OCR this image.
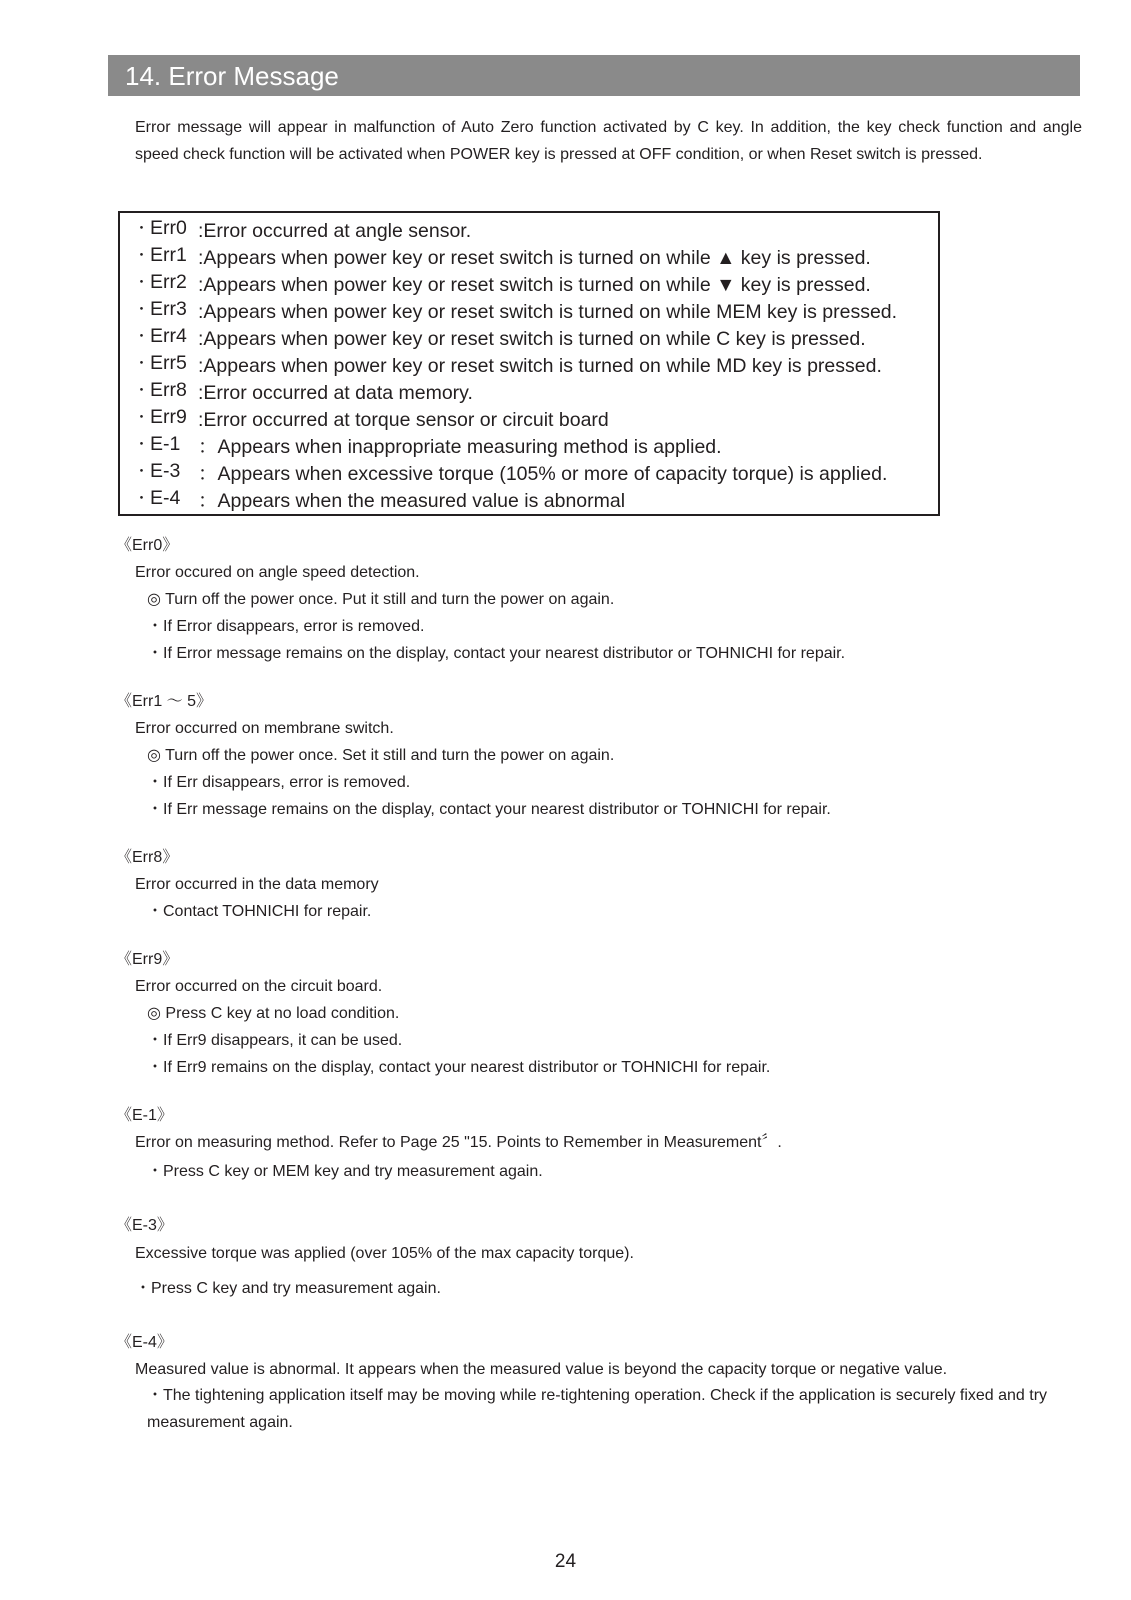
14. Error Message
Error message will appear in malfunction of Auto Zero function activated by C key. In addition, the key check function and angle speed check function will be activated when POWER key is pressed at OFF condition, or when Reset switch is pressed.
・ Err0 :Error occurred at angle sensor.
・ Err1 :Appears when power key or reset switch is turned on while ▲ key is pressed.
・ Err2 :Appears when power key or reset switch is turned on while ▼ key is pressed.
・ Err3 :Appears when power key or reset switch is turned on while MEM key is pressed.
・ Err4 :Appears when power key or reset switch is turned on while C key is pressed.
・ Err5 :Appears when power key or reset switch is turned on while MD key is pressed.
・ Err8 :Error occurred at data memory.
・ Err9 :Error occurred at torque sensor or circuit board
・ E-1 ：Appears when inappropriate measuring method is applied.
・ E-3 ：Appears when excessive torque (105% or more of capacity torque) is applied.
・ E-4 ：Appears when the measured value is abnormal
《Err0》
Error occured on angle speed detection.
◎ Turn off the power once. Put it still and turn the power on again.
・If Error disappears, error is removed.
・If Error message remains on the display, contact your nearest distributor or TOHNICHI for repair.
《Err1 ～ 5》
Error occurred on membrane switch.
◎ Turn off the power once. Set it still and turn the power on again.
・If Err disappears, error is removed.
・If Err message remains on the display, contact your nearest distributor or TOHNICHI for repair.
《Err8》
Error occurred in the data memory
・Contact TOHNICHI for repair.
《Err9》
Error occurred on the circuit board.
◎ Press C key at no load condition.
・If Err9 disappears, it can be used.
・If Err9 remains on the display, contact your nearest distributor or TOHNICHI for repair.
《E-1》
Error on measuring method. Refer to Page 25 "15. Points to Remember in Measurement〞.
・Press C key or MEM key and try measurement again.
《E-3》
Excessive torque was applied (over 105% of the max capacity torque).
・Press C key and try measurement again.
《E-4》
Measured value is abnormal. It appears when the measured value is beyond the capacity torque or negative value.
・The tightening application itself may be moving while re-tightening operation. Check if the application is securely fixed and try measurement again.
24
